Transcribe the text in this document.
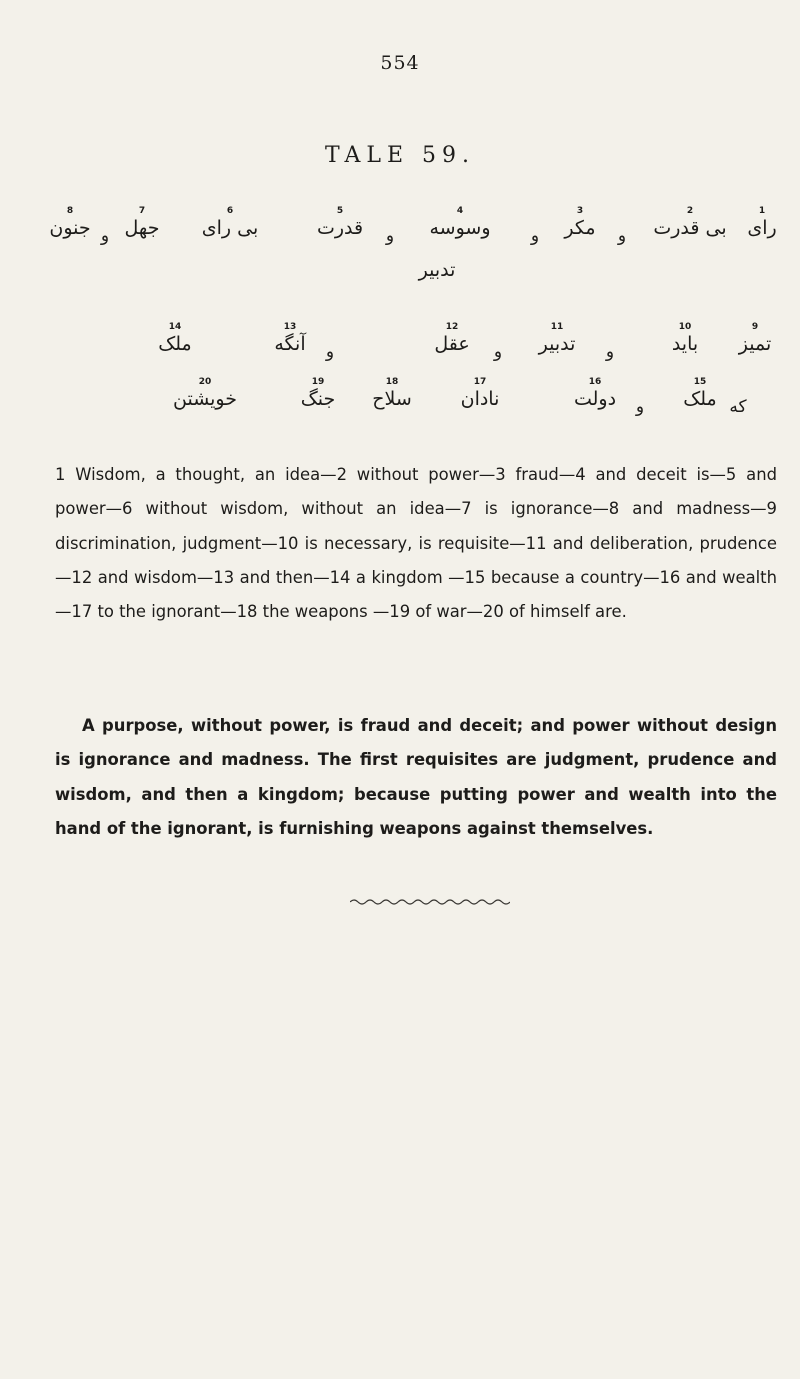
554
TALE 59.
1
راى
2
بی قدرت
و
3
مکر
و
4
وسوسه
و
5
قدرت
6
بی رای
7
جهل
و
8
جنون
تدبیر
9
تمیز
10
باید
و
11
تدبیر
و
12
عقل
و
13
آنگه
14
ملک
که
15
ملک
و
16
دولت
17
نادان
18
سلاح
19
جنگ
20
خویشتن

1 Wisdom, a thought, an idea—2 without power—3 fraud—4 and deceit is—5 and power—6 without wisdom, without an idea—7 is ignorance—8 and madness—9 discrimination, judgment—10 is necessary, is requisite—11 and deliberation, prudence—12 and wisdom—13 and then—14 a kingdom —15 because a country—16 and wealth—17 to the ignorant—18 the weapons —19 of war—20 of himself are.

A purpose, without power, is fraud and deceit; and power without design is ignorance and madness. The first requisites are judgment, prudence and wisdom, and then a kingdom; because putting power and wealth into the hand of the ignorant, is furnishing weapons against themselves.
